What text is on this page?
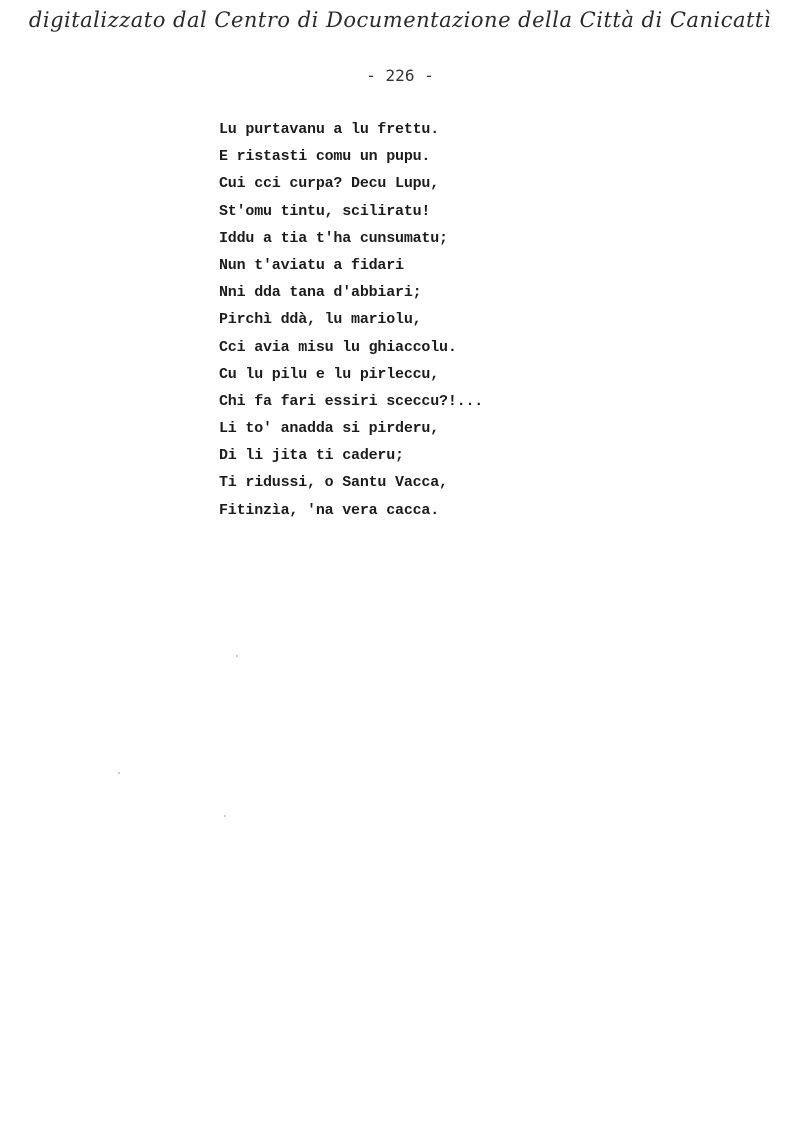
digitalizzato dal Centro di Documentazione della Città di Canicattì
- 226 -
Lu purtavanu a lu frettu.
E ristasti comu un pupu.
Cui cci curpa? Decu Lupu,
St'omu tintu, sciliratu!
Iddu a tia t'ha cunsumatu;
Nun t'aviatu a fidari
Nni dda tana d'abbiari;
Pirchì ddà, lu mariolu,
Cci avia misu lu ghiaccolu.
Cu lu pilu e lu pirleccu,
Chi fa fari essiri sceccu?!...
Li to' anadda si pirderu,
Di li jita ti caderu;
Ti ridussi, o Santu Vacca,
Fitinzìa, 'na vera cacca.
